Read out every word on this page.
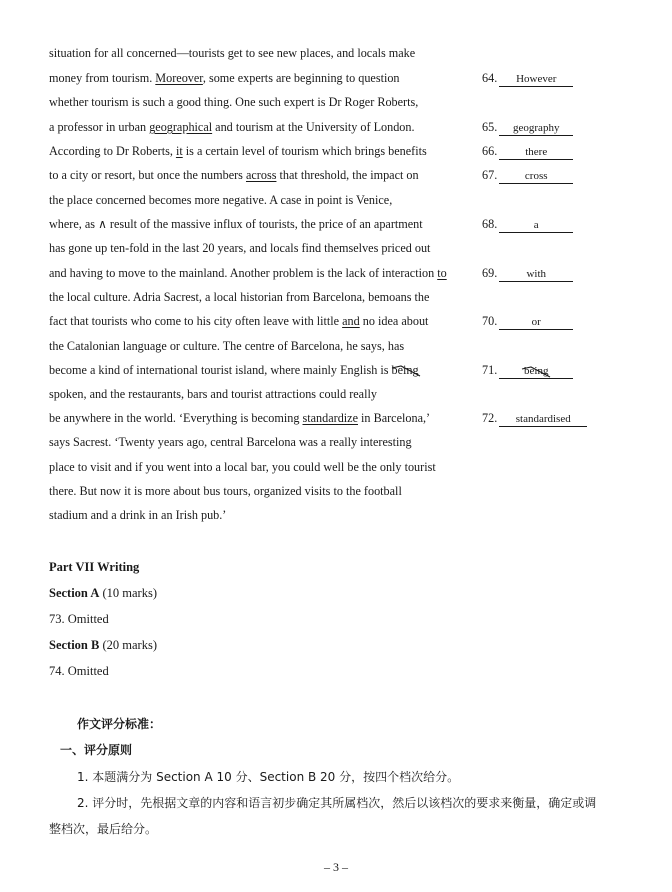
situation for all concerned—tourists get to see new places, and locals make
money from tourism. Moreover, some experts are beginning to question
whether tourism is such a good thing. One such expert is Dr Roger Roberts,
a professor in urban geographical and tourism at the University of London.
According to Dr Roberts, it is a certain level of tourism which brings benefits
to a city or resort, but once the numbers across that threshold, the impact on
the place concerned becomes more negative. A case in point is Venice,
where, as ∧ result of the massive influx of tourists, the price of an apartment
has gone up ten-fold in the last 20 years, and locals find themselves priced out
and having to move to the mainland. Another problem is the lack of interaction to
the local culture. Adria Sacrest, a local historian from Barcelona, bemoans the
fact that tourists who come to his city often leave with little and no idea about
the Catalonian language or culture. The centre of Barcelona, he says, has
become a kind of international tourist island, where mainly English is being
spoken, and the restaurants, bars and tourist attractions could really
be anywhere in the world. ‘Everything is becoming standardize in Barcelona,’
says Sacrest. ‘Twenty years ago, central Barcelona was a really interesting
place to visit and if you went into a local bar, you could well be the only tourist
there. But now it is more about bus tours, organized visits to the football
stadium and a drink in an Irish pub.’
64. However
65. geography
66.	there
67.	cross
68.	a
69.	with
70.	or
71. being
72. standardised
Part VII Writing
Section A (10 marks)
73. Omitted
Section B (20 marks)
74. Omitted
作文评分标准：
一、评分原则
1. 本题满分为 Section A 10 分、Section B 20 分，按四个档次给分。
2. 评分时，先根据文章的内容和语言初步确定其所属档次，然后以该档次的要求来衡量，确定或调
整档次，最后给分。
– 3 –
